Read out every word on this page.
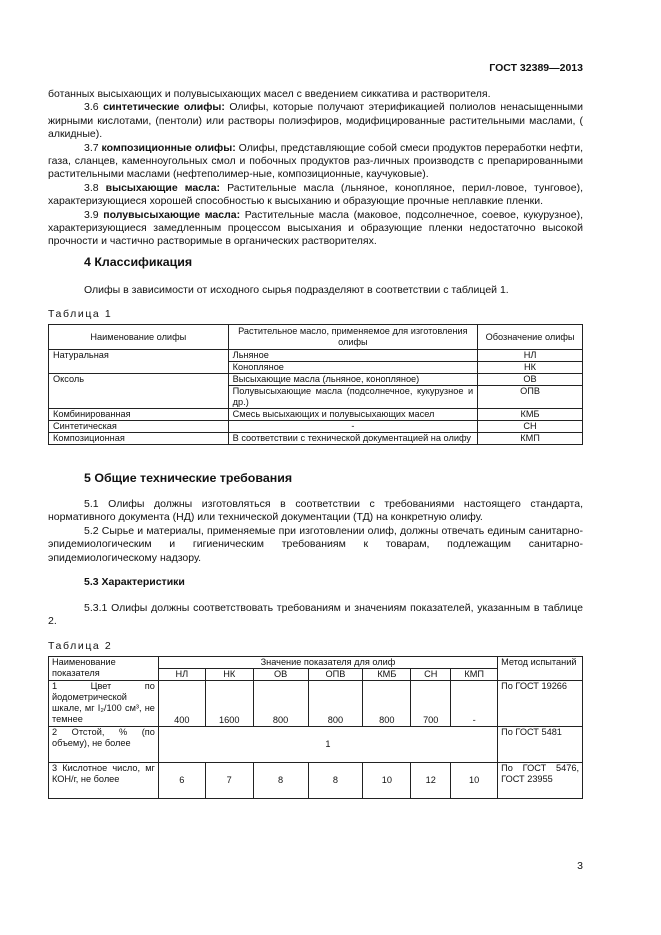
ГОСТ 32389—2013
ботанных высыхающих и полувысыхающих масел с введением сиккатива и растворителя.
3.6 синтетические олифы: Олифы, которые получают этерификацией полиолов ненасыщенными жирными кислотами, (пентоли) или растворы полиэфиров, модифицированные растительными маслами, ( алкидные).
3.7 композиционные олифы: Олифы, представляющие собой смеси продуктов переработки нефти, газа, сланцев, каменноугольных смол и побочных продуктов раз-личных производств с препарированными растительными маслами (нефтеполимер-ные, композиционные, каучуковые).
3.8 высыхающие масла: Растительные масла (льняное, конопляное, перил-ловое, тунговое), характеризующиеся хорошей способностью к высыханию и образующие прочные неплавкие пленки.
3.9 полувысыхающие масла: Растительные масла (маковое, подсолнечное, соевое, кукурузное), характеризующиеся замедленным процессом высыхания и образующие пленки недостаточно высокой прочности и частично растворимые в органических растворителях.
4 Классификация
Олифы в зависимости от исходного сырья подразделяют в соответствии с таблицей 1.
Таблица 1
Наименование олифы	Растительное масло, применяемое для изготовления олифы	Обозначение олифы
Натуральная	Льняное	НЛ
	Конопляное	НК
Оксоль	Высыхающие масла (льняное, конопляное)	ОВ
	Полувысыхающие масла (подсолнечное, кукурузное и др.)	ОПВ
Комбинированная	Смесь высыхающих и полувысыхающих масел	КМБ
Синтетическая	-	СН
Композиционная	В соответствии с технической документацией на олифу	КМП
5 Общие технические требования
5.1 Олифы должны изготовляться в соответствии с требованиями настоящего стандарта, нормативного документа (НД) или технической документации (ТД) на конкретную олифу.
5.2 Сырье и материалы, применяемые при изготовлении олиф, должны отвечать единым санитарно-эпидемиологическим и гигиеническим требованиям к товарам, подлежащим санитарно-эпидемиологическому надзору.
5.3 Характеристики
5.3.1 Олифы должны соответствовать требованиям и значениям показателей, указанным в таблице 2.
Таблица 2
Наименование показателя	Значение показателя для олиф							Метод испытаний
	НЛ	НК	ОВ	ОПВ	КМБ	СН	КМП	
1 Цвет по йодометрической шкале, мг I₂/100 см³, не темнее	400	1600	800	800	800	700	-	По ГОСТ 19266
2 Отстой, % (по объему), не более	1							По ГОСТ 5481
3 Кислотное число, мг КОН/г, не более	6	7	8	8	10	12	10	По ГОСТ 5476, ГОСТ 23955
3
